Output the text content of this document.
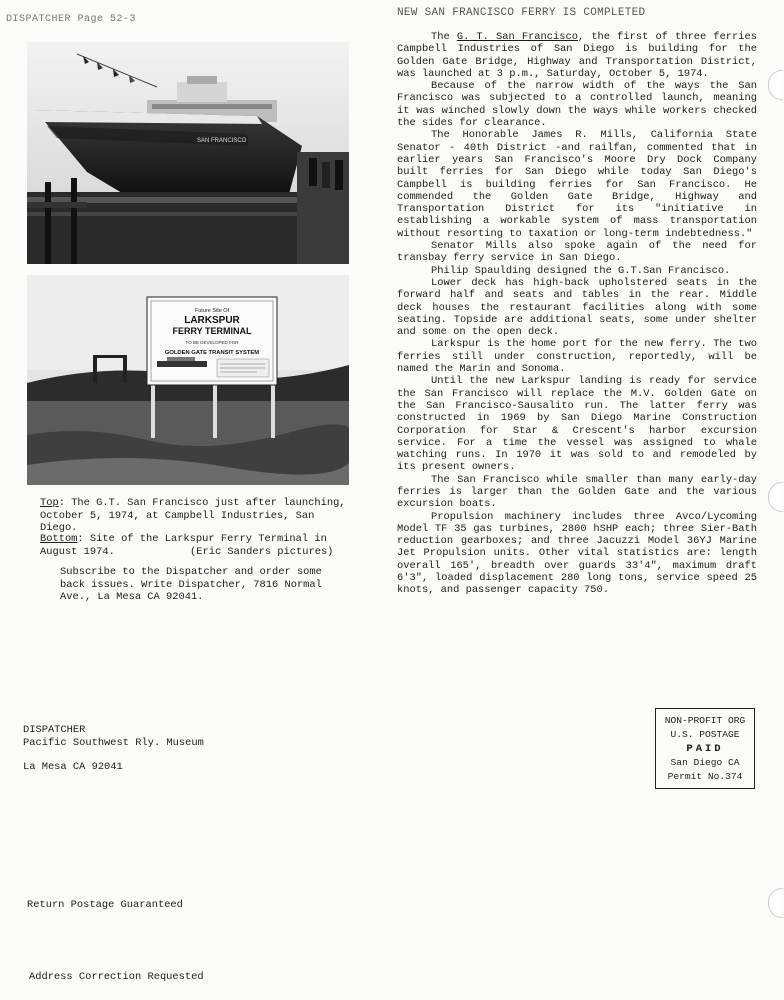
DISPATCHER Page 52-3
NEW SAN FRANCISCO FERRY IS COMPLETED

The G. T. San Francisco, the first of three ferries Campbell Industries of San Diego is building for the Golden Gate Bridge, Highway and Transportation District, was launched at 3 p.m., Saturday, October 5, 1974.

Because of the narrow width of the ways the San Francisco was subjected to a controlled launch, meaning it was winched slowly down the ways while workers checked the sides for clearance.

The Honorable James R. Mills, California State Senator - 40th District -and railfan, commented that in earlier years San Francisco's Moore Dry Dock Company built ferries for San Diego while today San Diego's Campbell is building ferries for San Francisco. He commended the Golden Gate Bridge, Highway and Transportation District for its "initiative in establishing a workable system of mass transportation without resorting to taxation or long-term indebtedness."

Senator Mills also spoke again of the need for transbay ferry service in San Diego.

Philip Spaulding designed the G.T.San Francisco.

Lower deck has high-back upholstered seats in the forward half and seats and tables in the rear. Middle deck houses the restaurant facilities along with some seating. Topside are additional seats, some under shelter and some on the open deck.

Larkspur is the home port for the new ferry. The two ferries still under construction, reportedly, will be named the Marin and Sonoma.

Until the new Larkspur landing is ready for service the San Francisco will replace the M.V. Golden Gate on the San Francisco-Sausalito run. The latter ferry was constructed in 1969 by San Diego Marine Construction Corporation for Star & Crescent's harbor excursion service. For a time the vessel was assigned to whale watching runs. In 1970 it was sold to and remodeled by its present owners.

The San Francisco while smaller than many early-day ferries is larger than the Golden Gate and the various excursion boats.

Propulsion machinery includes three Avco/Lycoming Model TF 35 gas turbines, 2800 hSHP each; three Sier-Bath reduction gearboxes; and three Jacuzzi Model 36YJ Marine Jet Propulsion units. Other vital statistics are: length overall 165', breadth over guards 33'4", maximum draft 6'3", loaded displacement 280 long tons, service speed 25 knots, and passenger capacity 750.

SAN FRANCISCO
Future Site Of
LARKSPUR
FERRY TERMINAL
TO BE DEVELOPED FOR
GOLDEN GATE TRANSIT SYSTEM
Top: The G.T. San Francisco just after launching, October 5, 1974, at Campbell Industries, San Diego.
Bottom: Site of the Larkspur Ferry Terminal in August 1974.	(Eric Sanders pictures)
Subscribe to the Dispatcher and order some back issues. Write Dispatcher, 7816 Normal Ave., La Mesa CA 92041.
DISPATCHER
Pacific Southwest Rly. Museum
La Mesa CA 92041
NON-PROFIT ORG
U.S. POSTAGE
PAID
San Diego CA
Permit No.374
Return Postage Guaranteed
Address Correction Requested
